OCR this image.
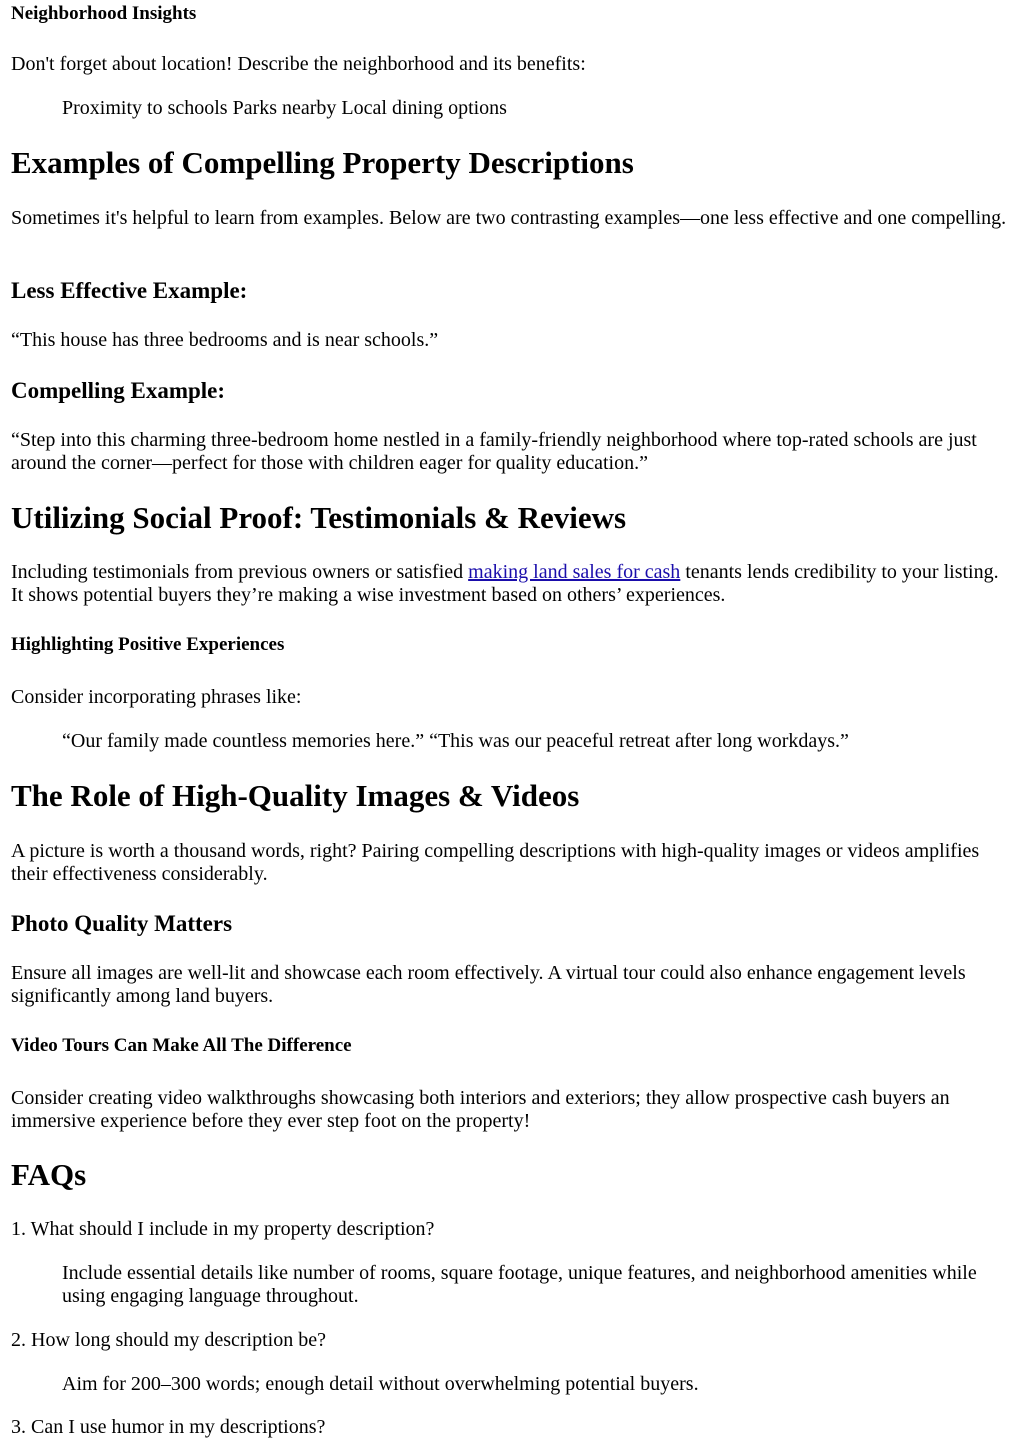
Neighborhood Insights

Don't forget about location! Describe the neighborhood and its benefits:

Proximity to schools Parks nearby Local dining options

Examples of Compelling Property Descriptions

Sometimes it's helpful to learn from examples. Below are two contrasting examples—one less effective and one compelling.

Less Effective Example:

“This house has three bedrooms and is near schools.”

Compelling Example:

“Step into this charming three-bedroom home nestled in a family-friendly neighborhood where top-rated schools are just around the corner—perfect for those with children eager for quality education.”

Utilizing Social Proof: Testimonials & Reviews

Including testimonials from previous owners or satisfied making land sales for cash tenants lends credibility to your listing. It shows potential buyers they’re making a wise investment based on others’ experiences.

Highlighting Positive Experiences

Consider incorporating phrases like:

“Our family made countless memories here.” “This was our peaceful retreat after long workdays.”

The Role of High-Quality Images & Videos

A picture is worth a thousand words, right? Pairing compelling descriptions with high-quality images or videos amplifies their effectiveness considerably.

Photo Quality Matters

Ensure all images are well-lit and showcase each room effectively. A virtual tour could also enhance engagement levels significantly among land buyers.

Video Tours Can Make All The Difference

Consider creating video walkthroughs showcasing both interiors and exteriors; they allow prospective cash buyers an immersive experience before they ever step foot on the property!

FAQs

1. What should I include in my property description?

Include essential details like number of rooms, square footage, unique features, and neighborhood amenities while using engaging language throughout.

2. How long should my description be?

Aim for 200–300 words; enough detail without overwhelming potential buyers.

3. Can I use humor in my descriptions?
